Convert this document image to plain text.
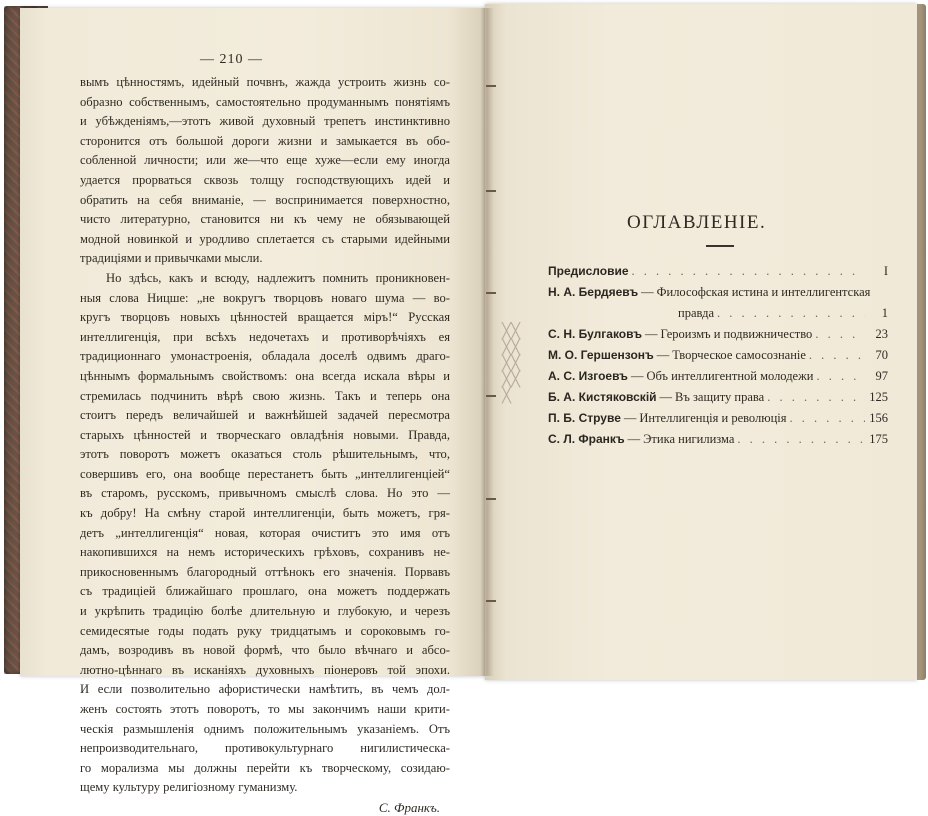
— 210 —
вымъ цѣнностямъ, идейный почвнъ, жажда устроить жизнь со-
образно собственнымъ, самостоятельно продуманнымъ понятiямъ
и убѣжденiямъ,—этотъ живой духовный трепетъ инстинктивно
сторонится отъ большой дороги жизни и замыкается въ обо-
собленной личности; или же—что еще хуже—если ему иногда
удается прорваться сквозь толщу господствующихъ идей и
обратить на себя вниманiе, — воспринимается поверхностно,
чисто литературно, становится ни къ чему не обязывающей
модной новинкой и уродливо сплетается съ старыми идейными
традицiями и привычками мысли.
Но здѣсь, какъ и всюду, надлежитъ помнить проникновен-
ныя слова Ницше: „не вокругъ творцовъ новаго шума — во-
кругъ творцовъ новыхъ цѣнностей вращается мiръ!“ Русская
интеллигенцiя, при всѣхъ недочетахъ и противорѣчiяхъ ея
традиционнаго умонастроенiя, обладала доселѣ одвимъ драго-
цѣннымъ формальнымъ свойствомъ: она всегда искала вѣры и
стремилась подчинить вѣрѣ свою жизнь. Такъ и теперь она
стоитъ передъ величайшей и важнѣйшей задачей пересмотра
старыхъ цѣнностей и творческаго овладѣнiя новыми. Правда,
этотъ поворотъ можетъ оказаться столь рѣшительнымъ, что,
совершивъ его, она вообще перестанетъ быть „интеллигенцiей“
въ старомъ, русскомъ, привычномъ смыслѣ слова. Но это —
къ добру! На смѣну старой интеллигенцiи, быть можетъ, гря-
детъ „интеллигенцiя“ новая, которая очиститъ это имя отъ
накопившихся на немъ историческихъ грѣховъ, сохранивъ не-
прикосновеннымъ благородный оттѣнокъ его значенiя. Порвавъ
съ традицiей ближайшаго прошлаго, она можетъ поддержать
и укрѣпить традицiю болѣе длительную и глубокую, и черезъ
семидесятые годы подать руку тридцатымъ и сороковымъ го-
дамъ, возродивъ въ новой формѣ, что было вѣчнаго и абсо-
лютно-цѣннаго въ исканiяхъ духовныхъ пiонеровъ той эпохи.
И если позволительно афористически намѣтить, въ чемъ дол-
женъ состоять этотъ поворотъ, то мы закончимъ наши крити-
ческiя размышленiя однимъ положительнымъ указанiемъ. Отъ
непроизводительнаго, противокультурнаго нигилистическа-
го морализма мы должны перейти къ творческому, созидаю-
щему культуру религiозному гуманизму.
С. Франкъ.
ОГЛАВЛЕНIЕ.
╳╳
╳╳
╳╳
╳╳
╳
Предисловие . . .	I
Н. А. Бердяевъ — Философская истина и интеллигентская
правда . . .	1
С. Н. Булгаковъ — Героизмъ и подвижничество . . .	23
М. О. Гершензонъ — Творческое самосознанiе . . .	70
А. С. Изгоевъ — Объ интеллигентной молодежи . . .	97
Б. А. Кистяковскiй — Въ защиту права . . .	125
П. Б. Струве — Интеллигенцiя и революцiя . . .	156
С. Л. Франкъ — Этика нигилизма . . .	175
